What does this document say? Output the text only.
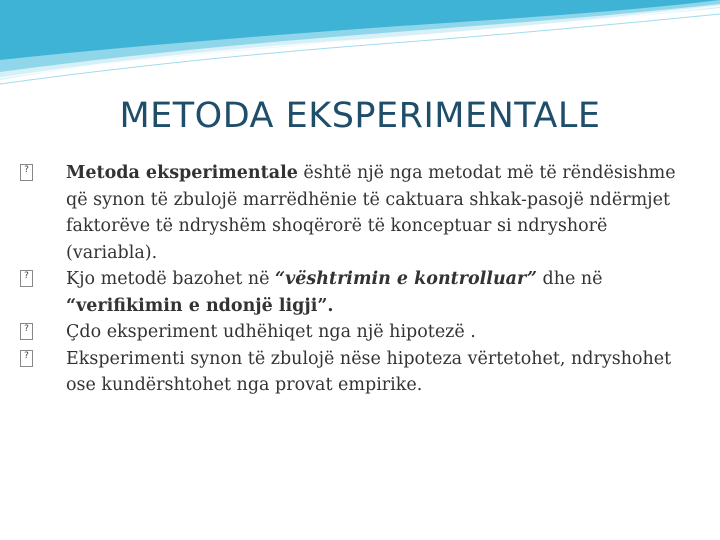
METODA EKSPERIMENTALE

?
Metoda eksperimentale është një nga metodat më të rëndësishme që synon të zbulojë marrëdhënie të caktuara shkak-pasojë ndërmjet faktorëve të ndryshëm shoqërorë të konceptuar si ndryshorë (variabla).

?
Kjo metodë bazohet në “vështrimin e kontrolluar” dhe në “verifikimin e ndonjë ligji”.

?
Çdo eksperiment udhëhiqet nga një hipotezë .

?
Eksperimenti synon të zbulojë nëse hipoteza vërtetohet, ndryshohet ose kundërshtohet nga provat empirike.
